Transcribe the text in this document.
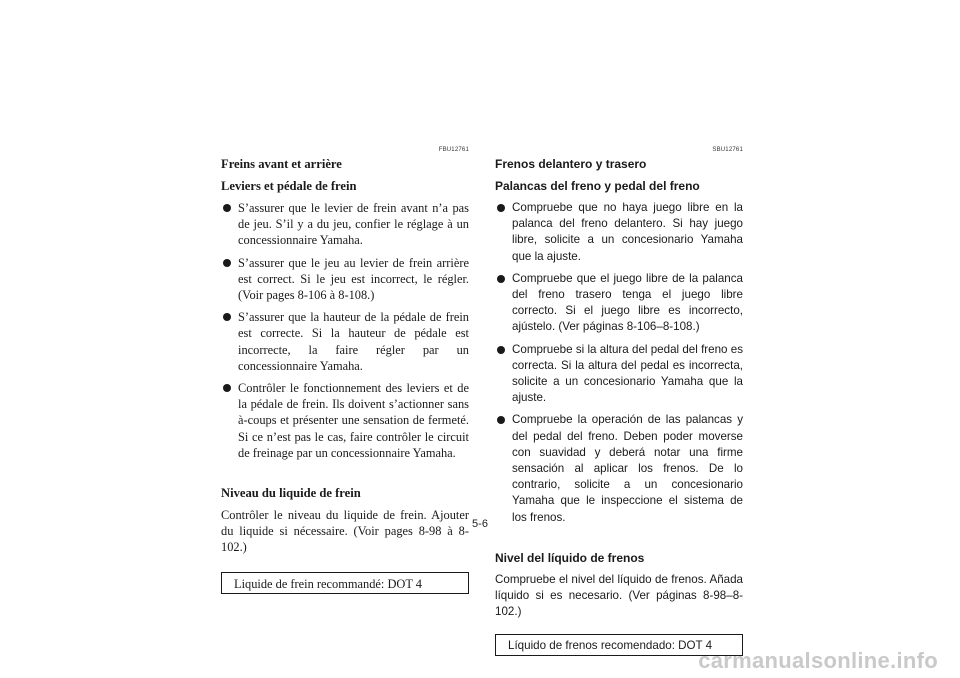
FBU12761
Freins avant et arrière
Leviers et pédale de frein
S’assurer que le levier de frein avant n’a pas de jeu. S’il y a du jeu, confier le réglage à un concessionnaire Yamaha.
S’assurer que le jeu au levier de frein arrière est correct. Si le jeu est incorrect, le régler. (Voir pages 8-106 à 8-108.)
S’assurer que la hauteur de la pédale de frein est correcte. Si la hauteur de pédale est incorrecte, la faire régler par un concessionnaire Yamaha.
Contrôler le fonctionnement des leviers et de la pédale de frein. Ils doivent s’actionner sans à-coups et présenter une sensation de fermeté. Si ce n’est pas le cas, faire contrôler le circuit de freinage par un concessionnaire Yamaha.
Niveau du liquide de frein

Contrôler le niveau du liquide de frein. Ajouter du liquide si nécessaire. (Voir pages 8-98 à 8-102.)

Liquide de frein recommandé: DOT 4
SBU12761
Frenos delantero y trasero
Palancas del freno y pedal del freno
Compruebe que no haya juego libre en la palanca del freno delantero. Si hay juego libre, solicite a un concesionario Yamaha que la ajuste.
Compruebe que el juego libre de la palanca del freno trasero tenga el juego libre correcto. Si el juego libre es incorrecto, ajústelo. (Ver páginas 8-106–8-108.)
Compruebe si la altura del pedal del freno es correcta. Si la altura del pedal es incorrecta, solicite a un concesionario Yamaha que la ajuste.
Compruebe la operación de las palancas y del pedal del freno. Deben poder moverse con suavidad y deberá notar una firme sensación al aplicar los frenos. De lo contrario, solicite a un concesionario Yamaha que le inspeccione el sistema de los frenos.
Nivel del líquido de frenos

Compruebe el nivel del líquido de frenos. Añada líquido si es necesario. (Ver páginas 8-98–8-102.)

Líquido de frenos recomendado: DOT 4
5-6
carmanualsonline.info
